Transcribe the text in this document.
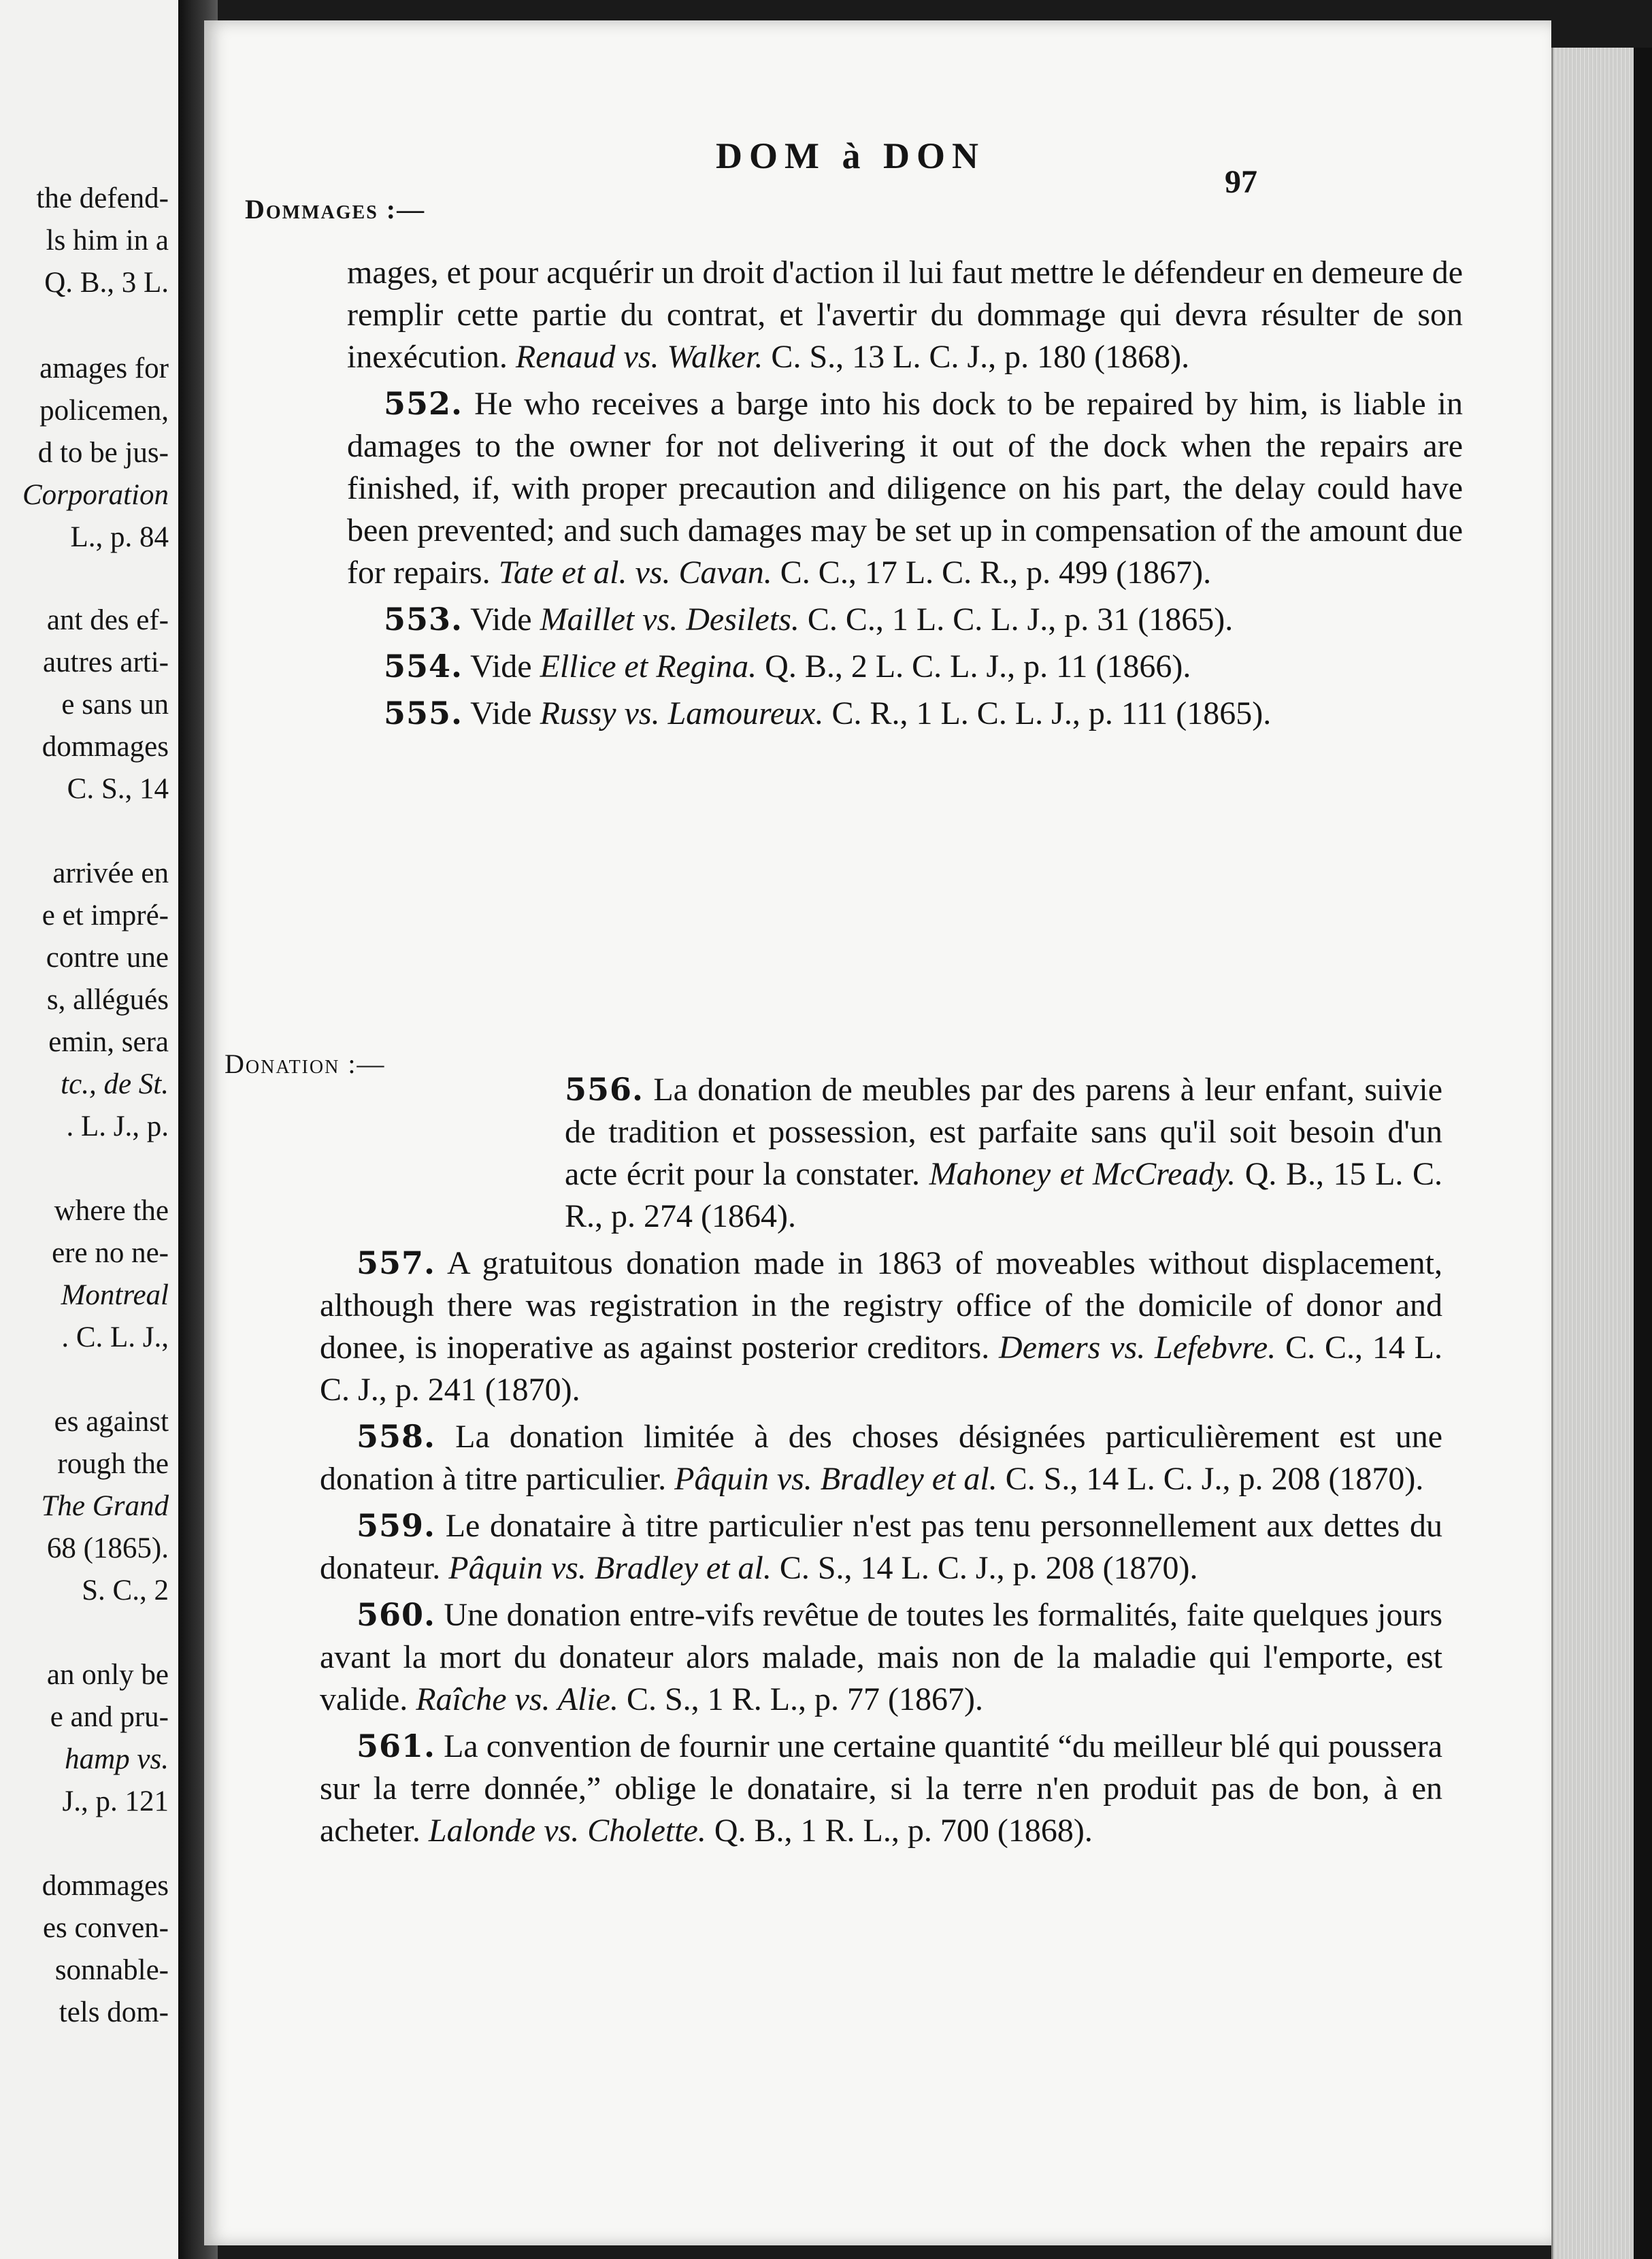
the defend-
ls him in a
Q. B., 3 L.
amages for
policemen,
d to be jus-
Corporation
L., p. 84
ant des ef-
autres arti-
e sans un
dommages
C. S., 14
arrivée en
e et impré-
contre une
s, allégués
emin, sera
tc., de St.
. L. J., p.
where the
ere no ne-
Montreal
. C. L. J.,
es against
rough the
The Grand
68 (1865).
S. C., 2
an only be
e and pru-
hamp vs.
J., p. 121
dommages
es conven-
sonnable-
tels dom-
DOM à DON
97
Dommages :—

mages, et pour acquérir un droit d'action il lui faut mettre le défendeur en demeure de remplir cette partie du contrat, et l'avertir du dommage qui devra résulter de son inexécution. Renaud vs. Walker. C. S., 13 L. C. J., p. 180 (1868).

552. He who receives a barge into his dock to be repaired by him, is liable in damages to the owner for not delivering it out of the dock when the repairs are finished, if, with proper precaution and diligence on his part, the delay could have been prevented; and such damages may be set up in compensation of the amount due for repairs. Tate et al. vs. Cavan. C. C., 17 L. C. R., p. 499 (1867).

553. Vide Maillet vs. Desilets. C. C., 1 L. C. L. J., p. 31 (1865).

554. Vide Ellice et Regina. Q. B., 2 L. C. L. J., p. 11 (1866).

555. Vide Russy vs. Lamoureux. C. R., 1 L. C. L. J., p. 111 (1865).

Donation :—

556. La donation de meubles par des parens à leur enfant, suivie de tradition et possession, est parfaite sans qu'il soit besoin d'un acte écrit pour la constater. Mahoney et McCready. Q. B., 15 L. C. R., p. 274 (1864).

557. A gratuitous donation made in 1863 of moveables without displacement, although there was registration in the registry office of the domicile of donor and donee, is inoperative as against posterior creditors. Demers vs. Lefebvre. C. C., 14 L. C. J., p. 241 (1870).

558. La donation limitée à des choses désignées particulièrement est une donation à titre particulier. Pâquin vs. Bradley et al. C. S., 14 L. C. J., p. 208 (1870).

559. Le donataire à titre particulier n'est pas tenu personnellement aux dettes du donateur. Pâquin vs. Bradley et al. C. S., 14 L. C. J., p. 208 (1870).

560. Une donation entre-vifs revêtue de toutes les formalités, faite quelques jours avant la mort du donateur alors malade, mais non de la maladie qui l'emporte, est valide. Raîche vs. Alie. C. S., 1 R. L., p. 77 (1867).

561. La convention de fournir une certaine quantité “du meilleur blé qui poussera sur la terre donnée,” oblige le donataire, si la terre n'en produit pas de bon, à en acheter. Lalonde vs. Cholette. Q. B., 1 R. L., p. 700 (1868).
